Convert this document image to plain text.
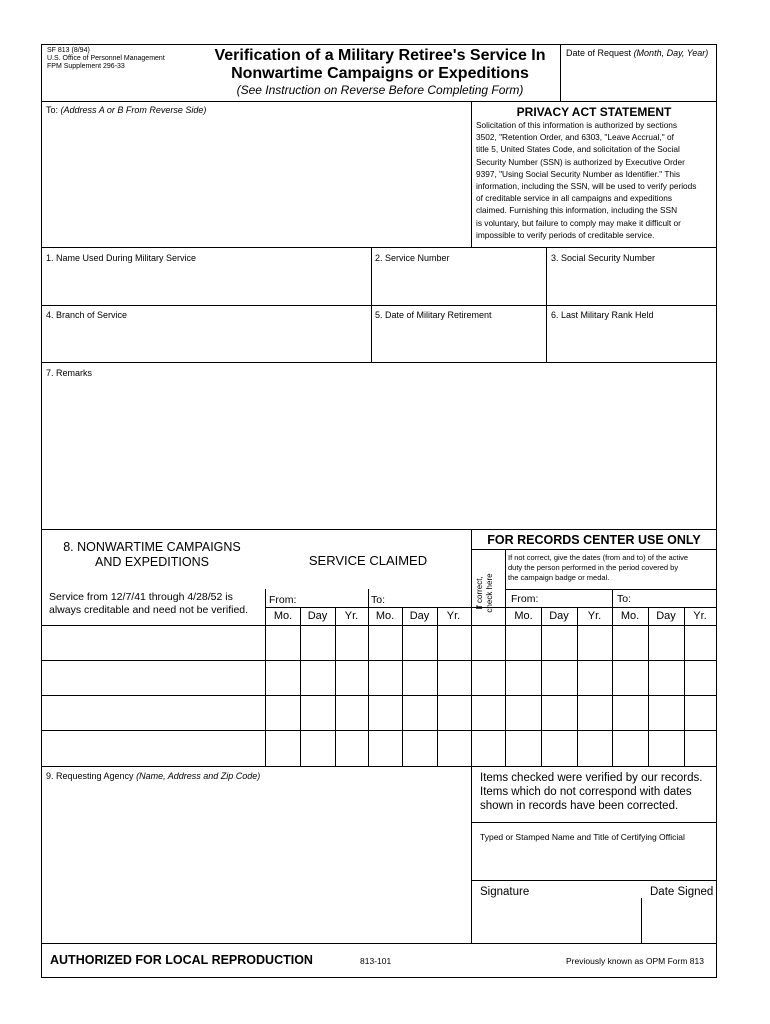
SF 813 (8/94)
U.S. Office of Personnel Management
FPM Supplement 296-33
Verification of a Military Retiree's Service In
Nonwartime Campaigns or Expeditions
(See Instruction on Reverse Before Completing Form)
Date of Request (Month, Day, Year)
To: (Address A or B From Reverse Side)	PRIVACY ACT STATEMENT
Solicitation of this information is authorized by sections
3502, "Retention Order, and 6303, "Leave Accrual," of
title 5, United States Code, and solicitation of the Social
Security Number (SSN) is authorized by Executive Order
9397, "Using Social Security Number as Identifier." This
information, including the SSN, will be used to verify periods
of creditable service in all campaigns and expeditions
claimed. Furnishing this information, including the SSN
is voluntary, but failure to comply may make it difficult or
impossible to verify periods of creditable service.
1. Name Used During Military Service	2. Service Number	3. Social Security Number
4. Branch of Service	5. Date of Military Retirement	6. Last Military Rank Held
7. Remarks
8. NONWARTIME CAMPAIGNS
AND EXPEDITIONS
Service from 12/7/41 through 4/28/52 is
always creditable and need not be verified.
SERVICE CLAIMED
From:	To:
Mo.	Day	Yr.	Mo.	Day	Yr.
FOR RECORDS CENTER USE ONLY
If correct, check here
If not correct, give the dates (from and to) of the active
duty the person performed in the period covered by
the campaign badge or medal.
From:	To:
Mo.	Day	Yr.	Mo.	Day	Yr.
9. Requesting Agency (Name, Address and Zip Code)	Items checked were verified by our records.
Items which do not correspond with dates
shown in records have been corrected.
Typed or Stamped Name and Title of Certifying Official
Signature	Date Signed
AUTHORIZED FOR LOCAL REPRODUCTION	813-101	Previously known as OPM Form 813
